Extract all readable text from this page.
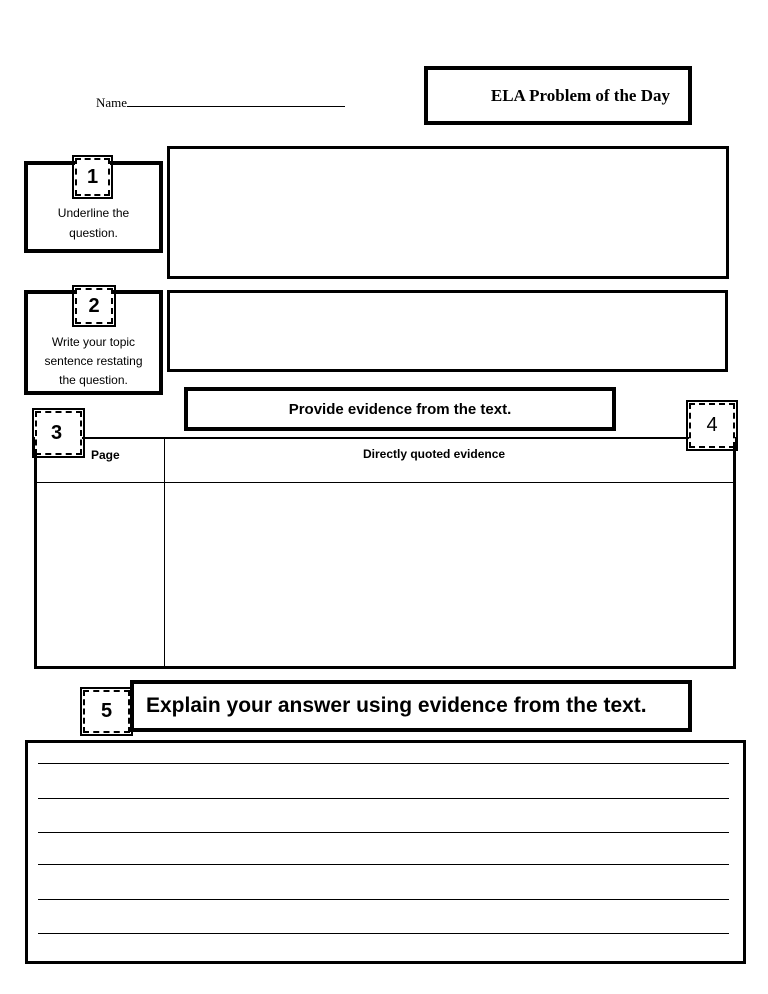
Name	ELA Problem of the Day
Underline the
question.
1
Write your topic
sentence restating
the question.
2
Provide evidence from the text.
Page	Directly quoted evidence
3	4
5	Explain your answer using evidence from the text.
